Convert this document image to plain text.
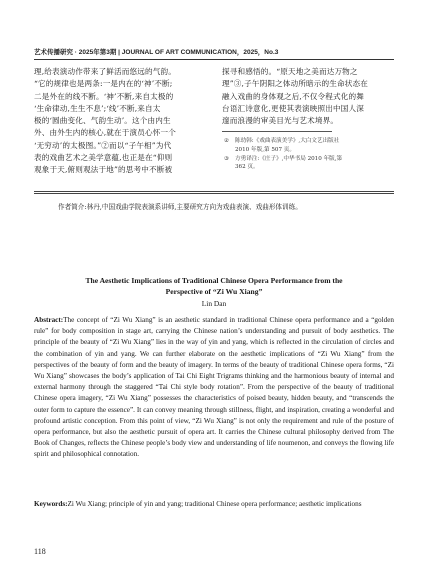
艺术传播研究 · 2025年第3期 | JOURNAL OF ART COMMUNICATION，2025，No.3
理,给表演动作带来了鲜活而悠远的气韵。
“它的规律也是两条:一是内在的‘神’不断;
二是外在的线不断。‘神’不断,来自太极的
‘生命律动,生生不息’;‘线’不断,来自太
极的‘圆曲变化、气韵生动’。这个由内生
外、由外生内的核心,就在于演员心怀一个
‘无穷动’的太极图。”②而以“子午相”为代
表的戏曲艺术之美学意蕴,也正是在“仰则
观象于天,俯则观法于地”的思考中不断被
探寻和感悟的。“原天地之美而达万物之
理”③,子午阴阳之体动所暗示的生命状态在
融入戏曲的身体观之后,不仅令程式化的舞
台语汇诗意化,更使其表演映照出中国人深
邃而浪漫的审美目光与艺术境界。
②	陈幼韩:《戏曲表演美学》,大白文艺出版社
2010 年版,第 507 页。
③	方勇译注:《庄子》,中华书局 2010 年版,第
362 页。
作者简介:林丹,中国戏曲学院表演系讲师,主要研究方向为戏曲表演、戏曲形体训练。
The Aesthetic Implications of Traditional Chinese Opera Performance from the
Perspective of “Zi Wu Xiang”
Lin Dan
Abstract:The concept of “Zi Wu Xiang” is an aesthetic standard in traditional Chinese opera performance and a “golden rule” for body composition in stage art, carrying the Chinese nation’s understanding and pursuit of body aesthetics. The principle of the beauty of “Zi Wu Xiang” lies in the way of yin and yang, which is reflected in the circulation of circles and the combination of yin and yang. We can further elaborate on the aesthetic implications of “Zi Wu Xiang” from the perspectives of the beauty of form and the beauty of imagery. In terms of the beauty of traditional Chinese opera forms, “Zi Wu Xiang” showcases the body’s application of Tai Chi Eight Trigrams thinking and the harmonious beauty of internal and external harmony through the staggered “Tai Chi style body rotation”. From the perspective of the beauty of traditional Chinese opera imagery, “Zi Wu Xiang” possesses the characteristics of poised beauty, hidden beauty, and “transcends the outer form to capture the essence”. It can convey meaning through stillness, flight, and inspiration, creating a wonderful and profound artistic conception. From this point of view, “Zi Wu Xiang” is not only the requirement and rule of the posture of opera performance, but also the aesthetic pursuit of opera art. It carries the Chinese cultural philosophy derived from The Book of Changes, reflects the Chinese people’s body view and understanding of life noumenon, and conveys the flowing life spirit and philosophical connotation.
Keywords:Zi Wu Xiang; principle of yin and yang; traditional Chinese opera performance; aesthetic implications
118
